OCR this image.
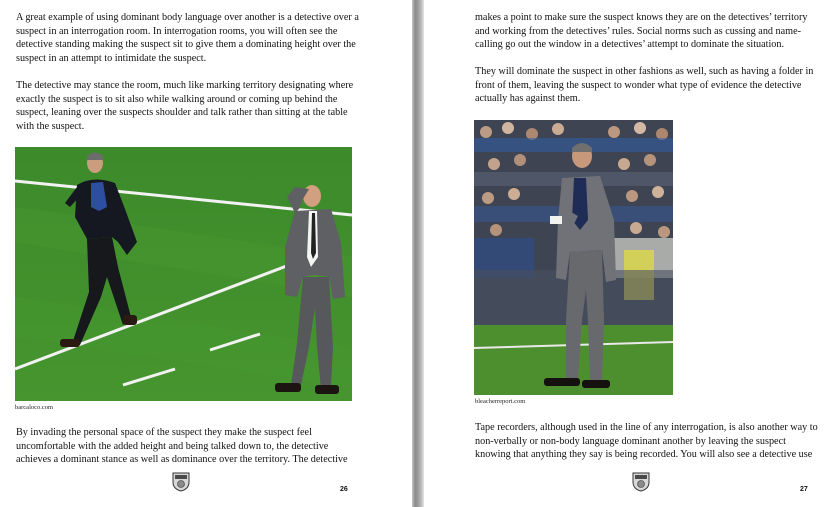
A great example of using dominant body language over another is a detective over a suspect in an interrogation room. In interrogation rooms, you will often see the detective standing making the suspect sit to give them a dominating height over the suspect in an attempt to intimidate the suspect.

The detective may stance the room, much like marking territory designating where exactly the suspect is to sit also while walking around or coming up behind the suspect, leaning over the suspects shoulder and talk rather than sitting at the table with the suspect.

barcaloco.com

By invading the personal space of the suspect they make the suspect feel uncomfortable with the added height and being talked down to, the detective achieves a dominant stance as well as dominance over the territory. The detective

26

makes a point to make sure the suspect knows they are on the detectives’ territory and working from the detectives’ rules. Social norms such as cussing and name-calling go out the window in a detectives’ attempt to dominate the situation.

They will dominate the suspect in other fashions as well, such as having a folder in front of them, leaving the suspect to wonder what type of evidence the detective actually has against them.

bleacherreport.com

Tape recorders, although used in the line of any interrogation, is also another way to non-verbally or non-body language dominant another by leaving the suspect knowing that anything they say is being recorded. You will also see a detective use

27
